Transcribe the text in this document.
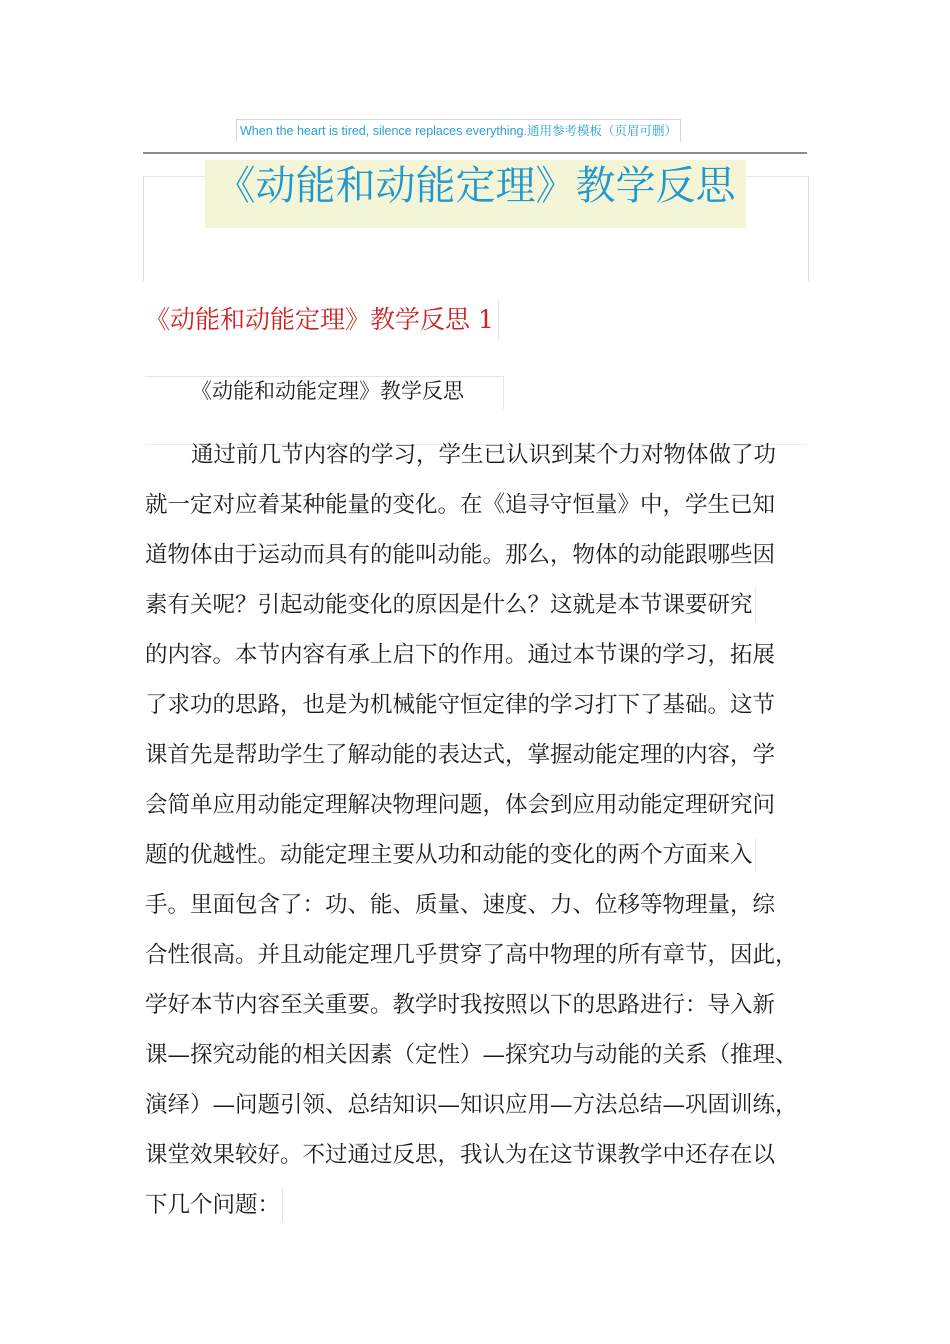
When the heart is tired, silence replaces everything.通用参考模板（页眉可删）
《动能和动能定理》教学反思
《动能和动能定理》教学反思 1
《动能和动能定理》教学反思
通过前几节内容的学习，学生已认识到某个力对物体做了功
就一定对应着某种能量的变化。在《追寻守恒量》中，学生已知
道物体由于运动而具有的能叫动能。那么，物体的动能跟哪些因
素有关呢？引起动能变化的原因是什么？这就是本节课要研究
的内容。本节内容有承上启下的作用。通过本节课的学习，拓展
了求功的思路，也是为机械能守恒定律的学习打下了基础。这节
课首先是帮助学生了解动能的表达式，掌握动能定理的内容，学
会简单应用动能定理解决物理问题，体会到应用动能定理研究问
题的优越性。动能定理主要从功和动能的变化的两个方面来入
手。里面包含了：功、能、质量、速度、力、位移等物理量，综
合性很高。并且动能定理几乎贯穿了高中物理的所有章节，因此，
学好本节内容至关重要。教学时我按照以下的思路进行：导入新
课—探究动能的相关因素（定性）—探究功与动能的关系（推理、
演绎）—问题引领、总结知识—知识应用—方法总结—巩固训练，
课堂效果较好。不过通过反思，我认为在这节课教学中还存在以
下几个问题：
